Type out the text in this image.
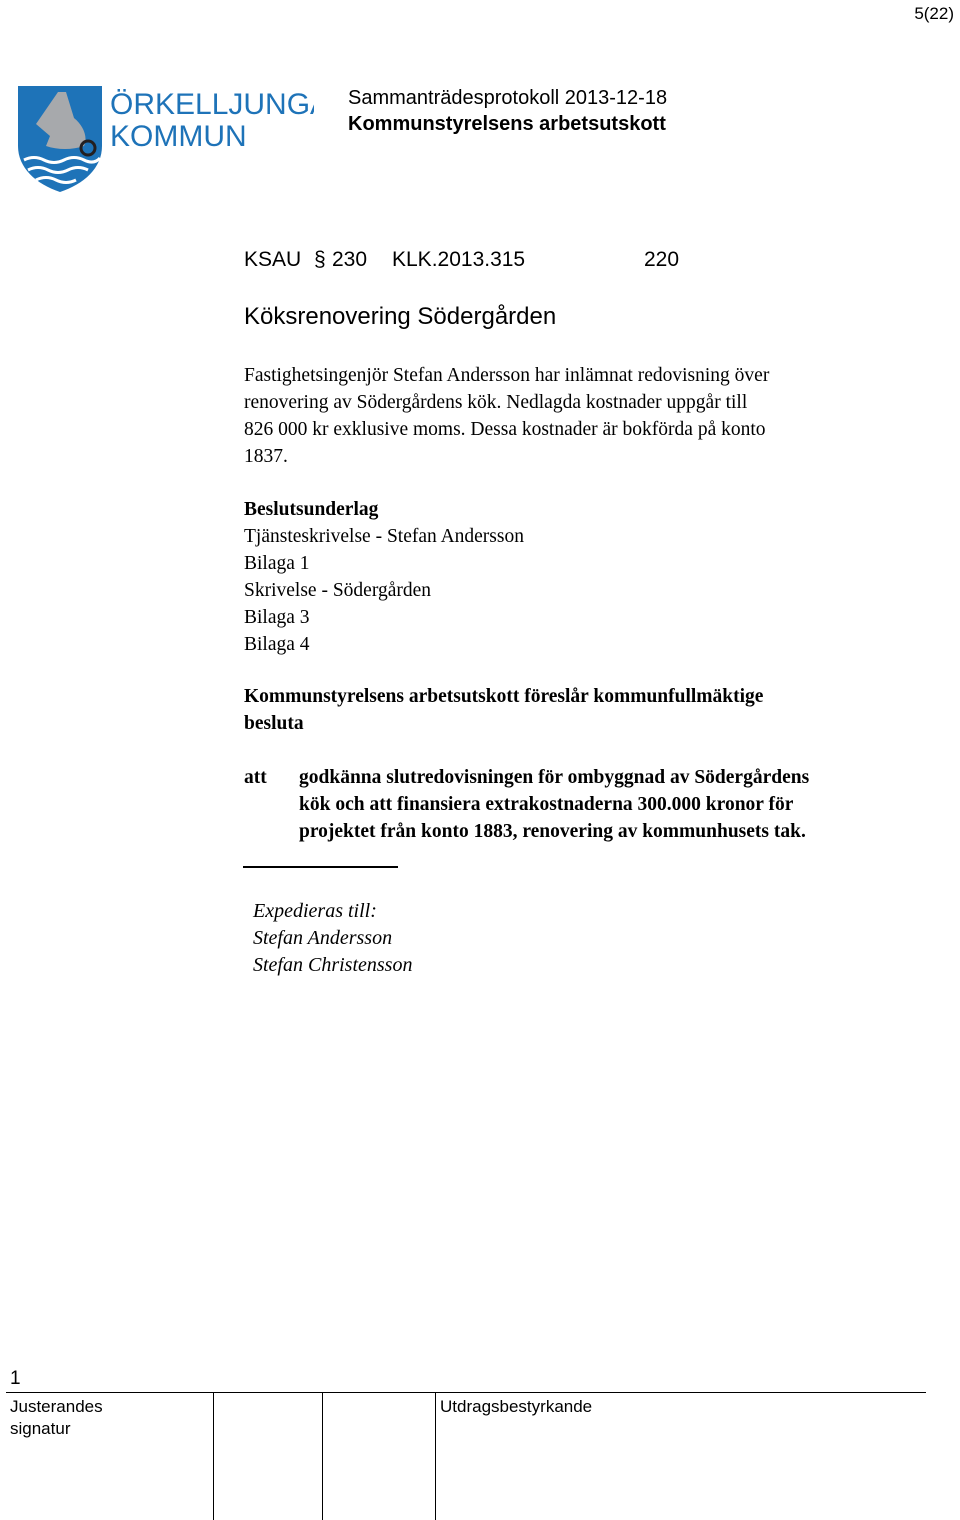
5(22)
ÖRKELLJUNGA
KOMMUN
Sammanträdesprotokoll 2013-12-18
Kommunstyrelsens arbetsutskott
KSAU § 230 KLK.2013.315	220
Köksrenovering Södergården
Fastighetsingenjör Stefan Andersson har inlämnat redovisning över
renovering av Södergårdens kök. Nedlagda kostnader uppgår till
826 000 kr exklusive moms. Dessa kostnader är bokförda på konto
1837.
Beslutsunderlag
Tjänsteskrivelse - Stefan Andersson
Bilaga 1
Skrivelse - Södergården
Bilaga 3
Bilaga 4
Kommunstyrelsens arbetsutskott föreslår kommunfullmäktige
besluta
att godkänna slutredovisningen för ombyggnad av Södergårdens
kök och att finansiera extrakostnaderna 300.000 kronor för
projektet från konto 1883, renovering av kommunhusets tak.
Expedieras till:
Stefan Andersson
Stefan Christensson
1
Justerandes
signatur
Utdragsbestyrkande
